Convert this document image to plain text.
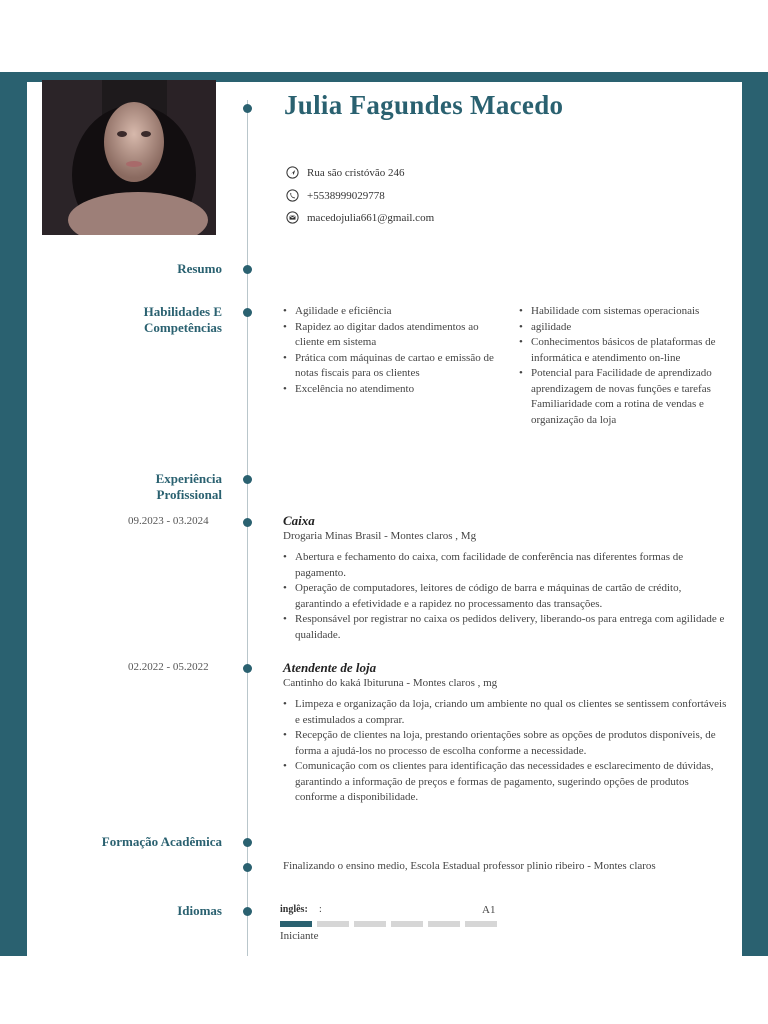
Julia Fagundes Macedo
Rua são cristóvão 246
+5538999029778
macedojulia661@gmail.com
Resumo
Habilidades E Competências
• Agilidade e eficiência
• Rapidez ao digitar dados atendimentos ao cliente em sistema
• Prática com máquinas de cartao e emissão de notas fiscais para os clientes
• Excelência no atendimento
• Habilidade com sistemas operacionais
• agilidade
• Conhecimentos básicos de plataformas de informática e atendimento on-line
• Potencial para Facilidade de aprendizado aprendizagem de novas funções e tarefas
Familiaridade com a rotina de vendas e organização da loja
Experiência Profissional
09.2023 - 03.2024	Caixa
Drogaria Minas Brasil - Montes claros , Mg
• Abertura e fechamento do caixa, com facilidade de conferência nas diferentes formas de pagamento.
• Operação de computadores, leitores de código de barra e máquinas de cartão de crédito, garantindo a efetividade e a rapidez no processamento das transações.
• Responsável por registrar no caixa os pedidos delivery, liberando-os para entrega com agilidade e qualidade.
02.2022 - 05.2022	Atendente de loja
Cantinho do kaká Ibituruna - Montes claros , mg
• Limpeza e organização da loja, criando um ambiente no qual os clientes se sentissem confortáveis e estimulados a comprar.
• Recepção de clientes na loja, prestando orientações sobre as opções de produtos disponíveis, de forma a ajudá-los no processo de escolha conforme a necessidade.
• Comunicação com os clientes para identificação das necessidades e esclarecimento de dúvidas, garantindo a informação de preços e formas de pagamento, sugerindo opções de produtos conforme a disponibilidade.
Formação Acadêmica
Finalizando o ensino medio, Escola Estadual professor plinio ribeiro - Montes claros
Idiomas	inglês: :	A1
Iniciante
